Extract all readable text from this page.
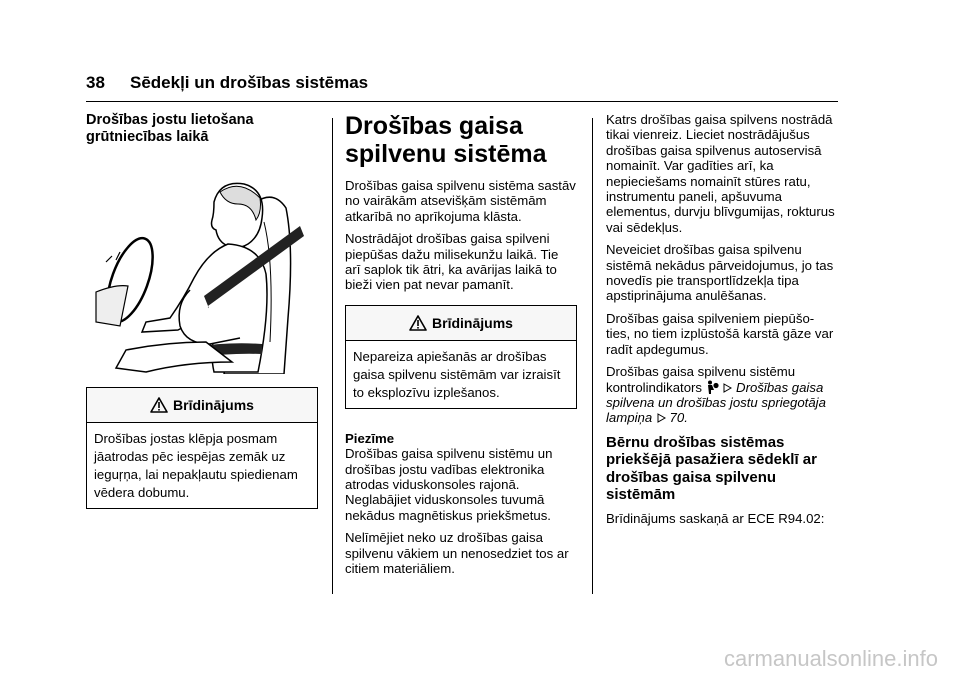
38 Sēdekļi un drošības sistēmas

Drošības jostu lietošana grūtniecības laikā

Brīdinājums
Drošības jostas klēpja posmam jāatrodas pēc iespējas zemāk uz ieguŗņa, lai nepakļautu spiedienam vēdera dobumu.

Drošības gaisa spilvenu sistēma

Drošības gaisa spilvenu sistēma sastāv no vairākām atsevišķām sistēmām atkarībā no aprīkojuma klāsta.

Nostrādājot drošības gaisa spilveni piepūšas dažu milisekunžu laikā. Tie arī saplok tik ātri, ka avārijas laikā to bieži vien pat nevar pamanīt.

Brīdinājums
Nepareiza apiešanās ar drošības gaisa spilvenu sistēmām var izraisīt to eksplozīvu izplešanos.

Piezīme

Drošības gaisa spilvenu sistēmu un drošības jostu vadības elektronika atrodas viduskonsoles rajonā. Neglabājiet viduskonsoles tuvumā nekādus magnētiskus priekšmetus.

Nelīmējiet neko uz drošības gaisa spilvenu vākiem un nenosedziet tos ar citiem materiāliem.

Katrs drošības gaisa spilvens nostrādā tikai vienreiz. Lieciet nostrādājušus drošības gaisa spilvenus autoservisā nomainīt. Var gadīties arī, ka nepieciešams nomainīt stūres ratu, instrumentu paneli, apšuvuma elementus, durvju blīvgumijas, rokturus vai sēdekļus.

Neveiciet drošības gaisa spilvenu sistēmā nekādus pārveidojumus, jo tas novedīs pie transportlīdzekļa tipa apstiprinājuma anulēšanas.

Drošības gaisa spilveniem piepūšo-ties, no tiem izplūstošā karstā gāze var radīt apdegumus.

Drošības gaisa spilvenu sistēmu kontrolindikators	Drošības gaisa spilvena un drošības jostu spriegotāja lampiņa 70.

Bērnu drošības sistēmas priekšējā pasažiera sēdeklī ar drošības gaisa spilvenu sistēmām

Brīdinājums saskaņā ar ECE R94.02:

carmanualsonline.info
